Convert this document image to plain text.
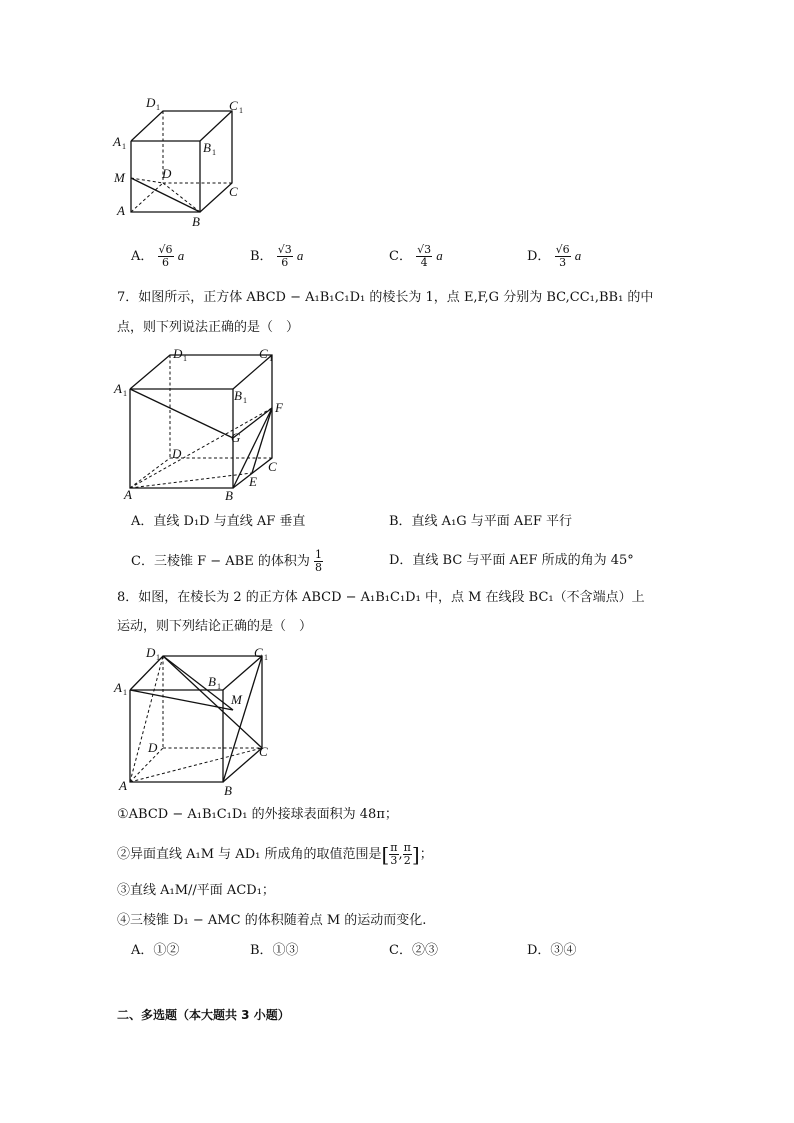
D 1	C 1
A 1	B 1
M	D
C
A
B
A． $\frac{√6}{6}$ a	B． $\frac{√3}{6}$ a	C． $\frac{√3}{4}$ a	D． $\frac{√6}{3}$ a
7．如图所示，正方体 ABCD − A₁B₁C₁D₁ 的棱长为 1，点 E,F,G 分别为 BC,CC₁,BB₁ 的中
点，则下列说法正确的是（　）
D 1	C 1
A 1	B 1 F
G
D
C
E
A	B
A．直线 D₁D 与直线 AF 垂直	B．直线 A₁G 与平面 AEF 平行
C．三棱锥 F − ABE 的体积为 $\frac{1}{8}$	D．直线 BC 与平面 AEF 所成的角为 45°
8．如图，在棱长为 2 的正方体 ABCD − A₁B₁C₁D₁ 中，点 M 在线段 BC₁（不含端点）上
运动，则下列结论正确的是（　）
D 1	C 1
A 1
B 1
M
D	C
A	B
①ABCD − A₁B₁C₁D₁ 的外接球表面积为 48π；
②异面直线 A₁M 与 AD₁ 所成角的取值范围是[ $\frac{\pi}{3}$ , $\frac{\pi}{2}$ ]；
③直线 A₁M//平面 ACD₁；
④三棱锥 D₁ − AMC 的体积随着点 M 的运动而变化.
A．①②	B．①③	C．②③	D．③④
二、多选题（本大题共 3 小题）
